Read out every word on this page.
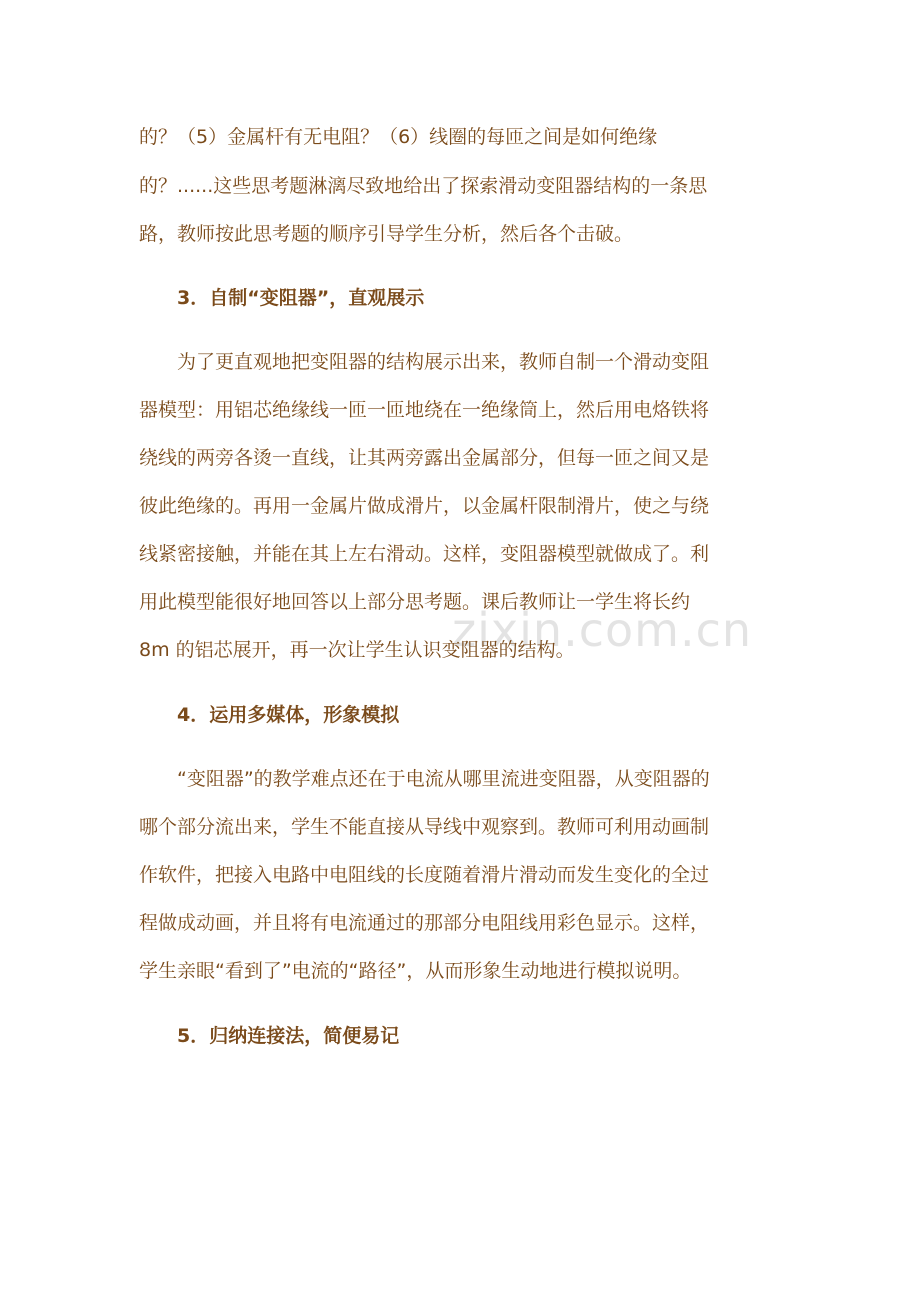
zixin.com.cn
的？（5）金属杆有无电阻？（6）线圈的每匝之间是如何绝缘
的？......这些思考题淋漓尽致地给出了探索滑动变阻器结构的一条思
路，教师按此思考题的顺序引导学生分析，然后各个击破。
3．自制“变阻器”，直观展示
为了更直观地把变阻器的结构展示出来，教师自制一个滑动变阻
器模型：用铝芯绝缘线一匝一匝地绕在一绝缘筒上，然后用电烙铁将
绕线的两旁各烫一直线，让其两旁露出金属部分，但每一匝之间又是
彼此绝缘的。再用一金属片做成滑片，以金属杆限制滑片，使之与绕
线紧密接触，并能在其上左右滑动。这样，变阻器模型就做成了。利
用此模型能很好地回答以上部分思考题。课后教师让一学生将长约
8m 的铝芯展开，再一次让学生认识变阻器的结构。
4．运用多媒体，形象模拟
“变阻器”的教学难点还在于电流从哪里流进变阻器，从变阻器的
哪个部分流出来，学生不能直接从导线中观察到。教师可利用动画制
作软件，把接入电路中电阻线的长度随着滑片滑动而发生变化的全过
程做成动画，并且将有电流通过的那部分电阻线用彩色显示。这样，
学生亲眼“看到了”电流的“路径”，从而形象生动地进行模拟说明。
5．归纳连接法，简便易记
